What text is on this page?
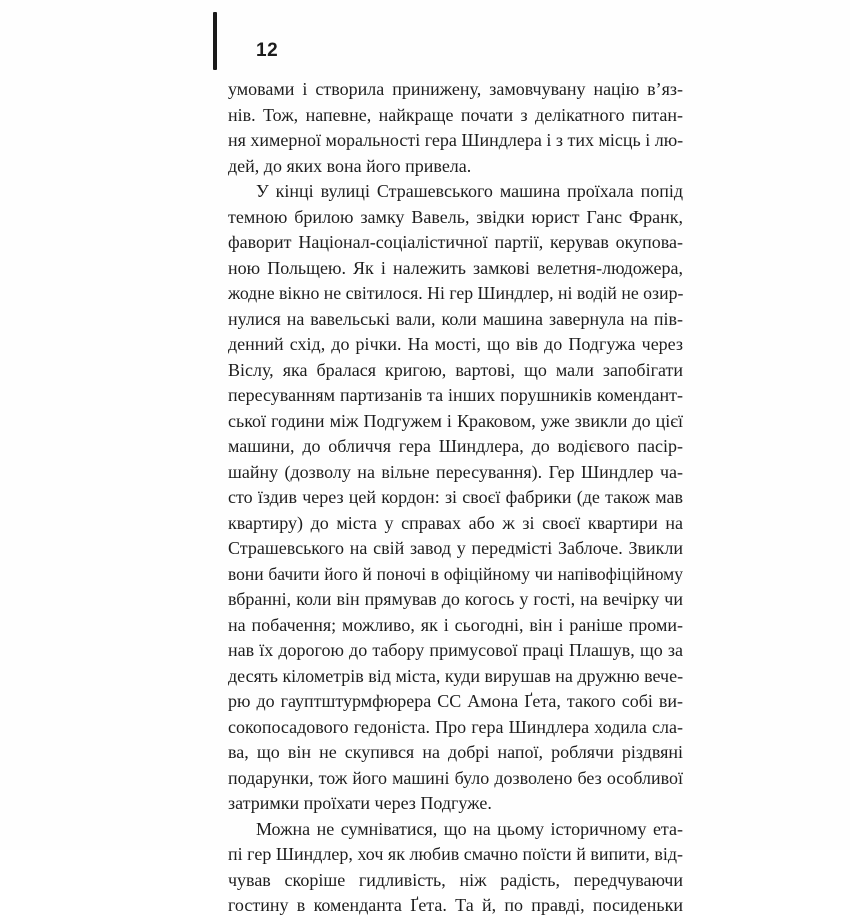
12
умовами і створила принижену, замовчувану націю в’яз-
нів. Тож, напевне, найкраще почати з делікатного питан-
ня химерної моральності гера Шиндлера і з тих місць і лю-
дей, до яких вона його привела.
У кінці вулиці Страшевського машина проїхала попід
темною брилою замку Вавель, звідки юрист Ганс Франк,
фаворит Націонал-соціалістичної партії, керував окупова-
ною Польщею. Як і належить замкові велетня-людожера,
жодне вікно не світилося. Ні гер Шиндлер, ні водій не озир-
нулися на вавельські вали, коли машина завернула на пів-
денний схід, до річки. На мості, що вів до Подгужа через
Віслу, яка бралася кригою, вартові, що мали запобігати
пересуванням партизанів та інших порушників комендант-
ської години між Подгужем і Краковом, уже звикли до цієї
машини, до обличчя гера Шиндлера, до водієвого пасір-
шайну (дозволу на вільне пересування). Гер Шиндлер ча-
сто їздив через цей кордон: зі своєї фабрики (де також мав
квартиру) до міста у справах або ж зі своєї квартири на
Страшевського на свій завод у передмісті Заблоче. Звикли
вони бачити його й поночі в офіційному чи напівофіційному
вбранні, коли він прямував до когось у гості, на вечірку чи
на побачення; можливо, як і сьогодні, він і раніше проми-
нав їх дорогою до табору примусової праці Плашув, що за
десять кілометрів від міста, куди вирушав на дружню вече-
рю до гауптштурмфюрера СС Амона Ґета, такого собі ви-
сокопосадового гедоніста. Про гера Шиндлера ходила сла-
ва, що він не скупився на добрі напої, роблячи різдвяні
подарунки, тож його машині було дозволено без особливої
затримки проїхати через Подгуже.
Можна не сумніватися, що на цьому історичному ета-
пі гер Шиндлер, хоч як любив смачно поїсти й випити, від-
чував скоріше гидливість, ніж радість, передчуваючи
гостину в коменданта Ґета. Та й, по правді, посиденьки
